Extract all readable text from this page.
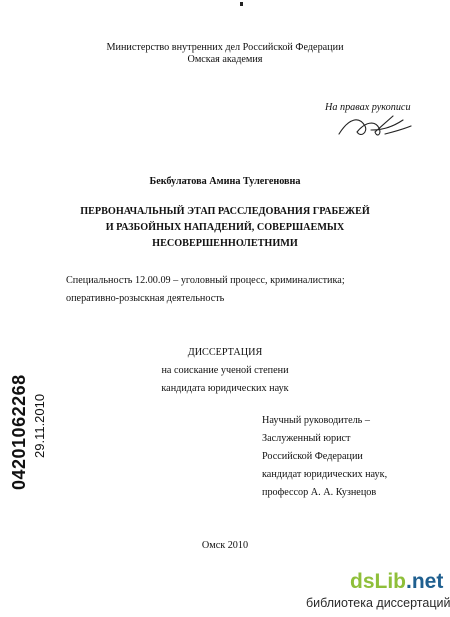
Министерство внутренних дел Российской Федерации
Омская академия
На правах рукописи
Бекбулатова Амина Тулегеновна
ПЕРВОНАЧАЛЬНЫЙ ЭТАП РАССЛЕДОВАНИЯ ГРАБЕЖЕЙ
И РАЗБОЙНЫХ НАПАДЕНИЙ, СОВЕРШАЕМЫХ
НЕСОВЕРШЕННОЛЕТНИМИ
Специальность 12.00.09 – уголовный процесс, криминалистика;
оперативно-розыскная деятельность
ДИССЕРТАЦИЯ
на соискание ученой степени
кандидата юридических наук
Научный руководитель –
Заслуженный юрист
Российской Федерации
кандидат юридических наук,
профессор А. А. Кузнецов
Омск 2010
04201062268 29.11.2010
dsLib.net
библиотека диссертаций
